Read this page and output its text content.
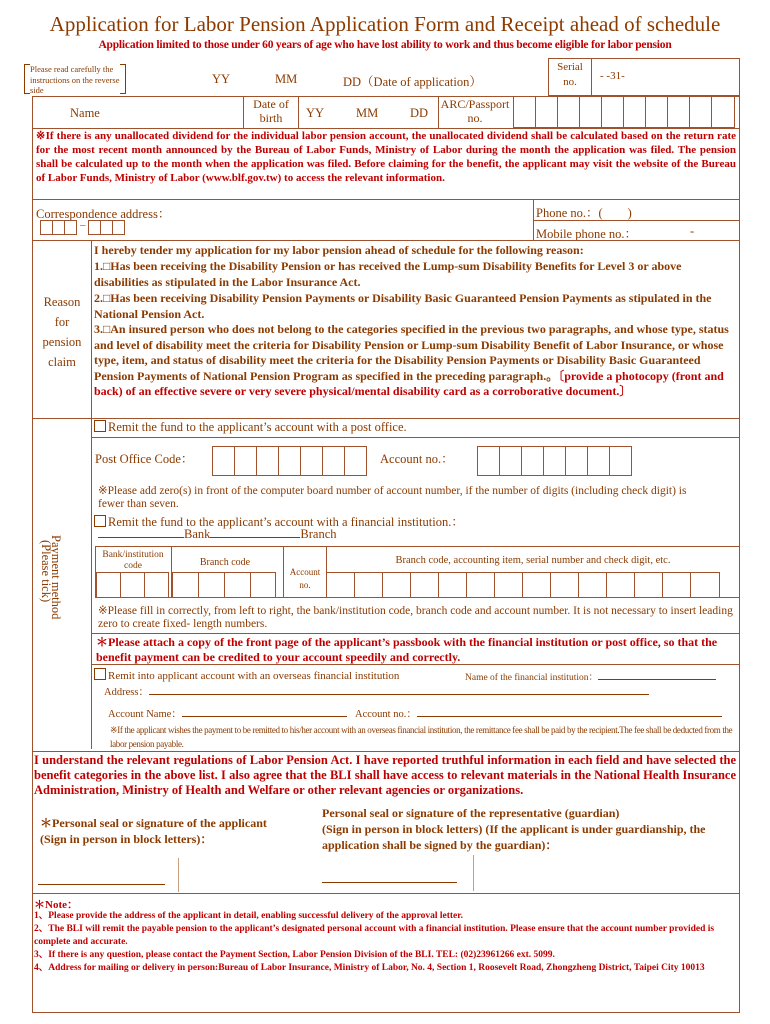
Application for Labor Pension Application Form and Receipt ahead of schedule
Application limited to those under 60 years of age who have lost ability to work and thus become eligible for labor pension
Please read carefully the instructions on the reverse side
YY	MM	DD（Date of application）
Serial no.	- -31-
Name
Date of birth	YY	MM	DD
ARC/Passport no.
※If there is any unallocated dividend for the individual labor pension account, the unallocated dividend shall be calculated based on the return rate for the most recent month announced by the Bureau of Labor Funds, Ministry of Labor during the month the application was filed. The pension shall be calculated up to the month when the application was filed. Before claiming for the benefit, the applicant may visit the website of the Bureau of Labor Funds, Ministry of Labor (www.blf.gov.tw) to access the relevant information.
Correspondence address：
–
Phone no.：(　　)
Mobile phone no.：	-
Reason
for
pension
claim
I hereby tender my application for my labor pension ahead of schedule for the following reason:
1.□Has been receiving the Disability Pension or has received the Lump-sum Disability Benefits for Level 3 or above disabilities as stipulated in the Labor Insurance Act.
2.□Has been receiving Disability Pension Payments or Disability Basic Guaranteed Pension Payments as stipulated in the National Pension Act.
3.□An insured person who does not belong to the categories specified in the previous two paragraphs, and whose type, status and level of disability meet the criteria for Disability Pension or Lump-sum Disability Benefit of Labor Insurance, or whose type, item, and status of disability meet the criteria for the Disability Pension Payments or Disability Basic Guaranteed Pension Payments of National Pension Program as specified in the preceding paragraph.。〔provide a photocopy (front and back) of an effective severe or very severe physical/mental disability card as a corroborative document.〕
Payment method
(Please tick)
Remit the fund to the applicant’s account with a post office.
Post Office Code：	Account no.：
※Please add zero(s) in front of the computer board number of account number, if the number of digits (including check digit) is fewer than seven.
Remit the fund to the applicant’s account with a financial institution.：
Bank	Branch
Bank/institution code	Branch code
Account no.
Branch code, accounting item, serial number and check digit, etc.
※Please fill in correctly, from left to right, the bank/institution code, branch code and account number. It is not necessary to insert leading zero to create fixed- length numbers.
＊Please attach a copy of the front page of the applicant’s passbook with the financial institution or post office, so that the benefit payment can be credited to your account speedily and correctly.
Remit into applicant account with an overseas financial institution	Name of the financial institution：
Address：
Account Name：	Account no.：
※If the applicant wishes the payment to be remitted to his/her account with an overseas financial institution, the remittance fee shall be paid by the recipient.The fee shall be deducted from the labor pension payable.
I understand the relevant regulations of Labor Pension Act. I have reported truthful information in each field and have selected the benefit categories in the above list. I also agree that the BLI shall have access to relevant materials in the National Health Insurance Administration, Ministry of Health and Welfare or other relevant agencies or organizations.
＊Personal seal or signature of the applicant
(Sign in person in block letters)：
Personal seal or signature of the representative (guardian)
(Sign in person in block letters) (If the applicant is under guardianship, the application shall be signed by the guardian)：
＊Note：
1、Please provide the address of the applicant in detail, enabling successful delivery of the approval letter.
2、The BLI will remit the payable pension to the applicant’s designated personal account with a financial institution. Please ensure that the account number provided is complete and accurate.
3、If there is any question, please contact the Payment Section, Labor Pension Division of the BLI. TEL: (02)23961266 ext. 5099.
4、Address for mailing or delivery in person:Bureau of Labor Insurance, Ministry of Labor, No. 4, Section 1, Roosevelt Road, Zhongzheng District, Taipei City 10013
